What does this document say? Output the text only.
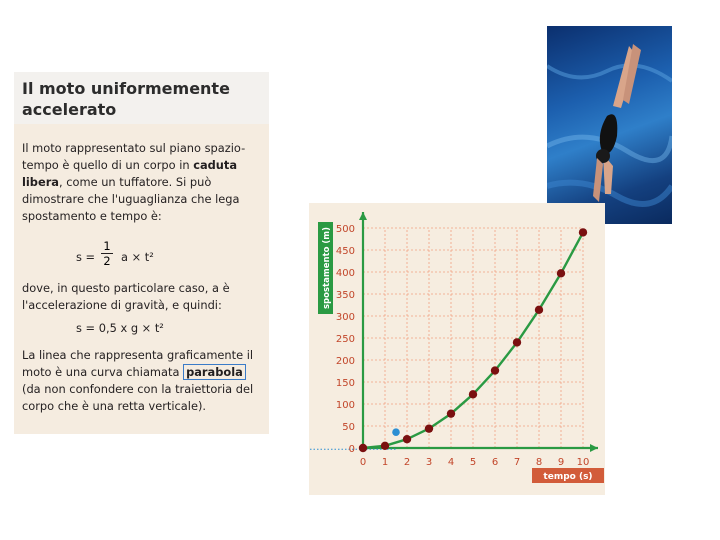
Il moto uniformemente accelerato

Il moto rappresentato sul piano spazio-tempo è quello di un corpo in caduta libera, come un tuffatore. Si può dimostrare che l'uguaglianza che lega spostamento e tempo è:

s =
1
2 a × t²

dove, in questo particolare caso, a è l'accelerazione di gravità, e quindi:

s = 0,5 x g × t²

La linea che rappresenta graficamente il moto è una curva chiamata parabola (da non confondere con la traiettoria del corpo che è una retta verticale).

0
50
100
150
200
250
300
350
400
450
500
0 1 2 3 4 5 6 7 8 9 10
spostamento (m)
tempo (s)
